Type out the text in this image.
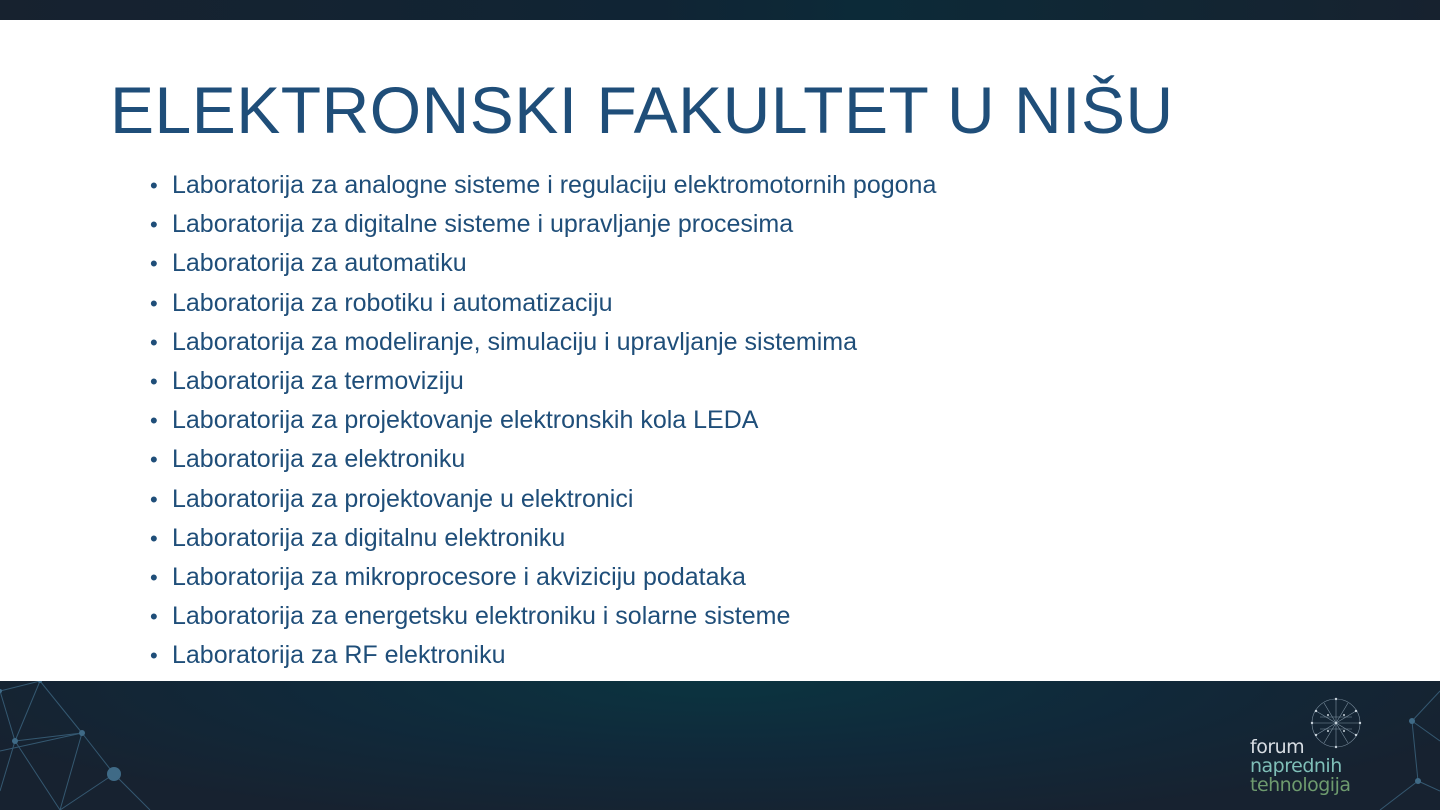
ELEKTRONSKI FAKULTET U NIŠU
• Laboratorija za analogne sisteme i regulaciju elektromotornih pogona
• Laboratorija za digitalne sisteme i upravljanje procesima
• Laboratorija za automatiku
• Laboratorija za robotiku i automatizaciju
• Laboratorija za modeliranje, simulaciju i upravljanje sistemima
• Laboratorija za termoviziju
• Laboratorija za projektovanje elektronskih kola LEDA
• Laboratorija za elektroniku
• Laboratorija za projektovanje u elektronici
• Laboratorija za digitalnu elektroniku
• Laboratorija za mikroprocesore i akviziciju podataka
• Laboratorija za energetsku elektroniku i solarne sisteme
• Laboratorija za RF elektroniku
forum
naprednih
tehnologija
